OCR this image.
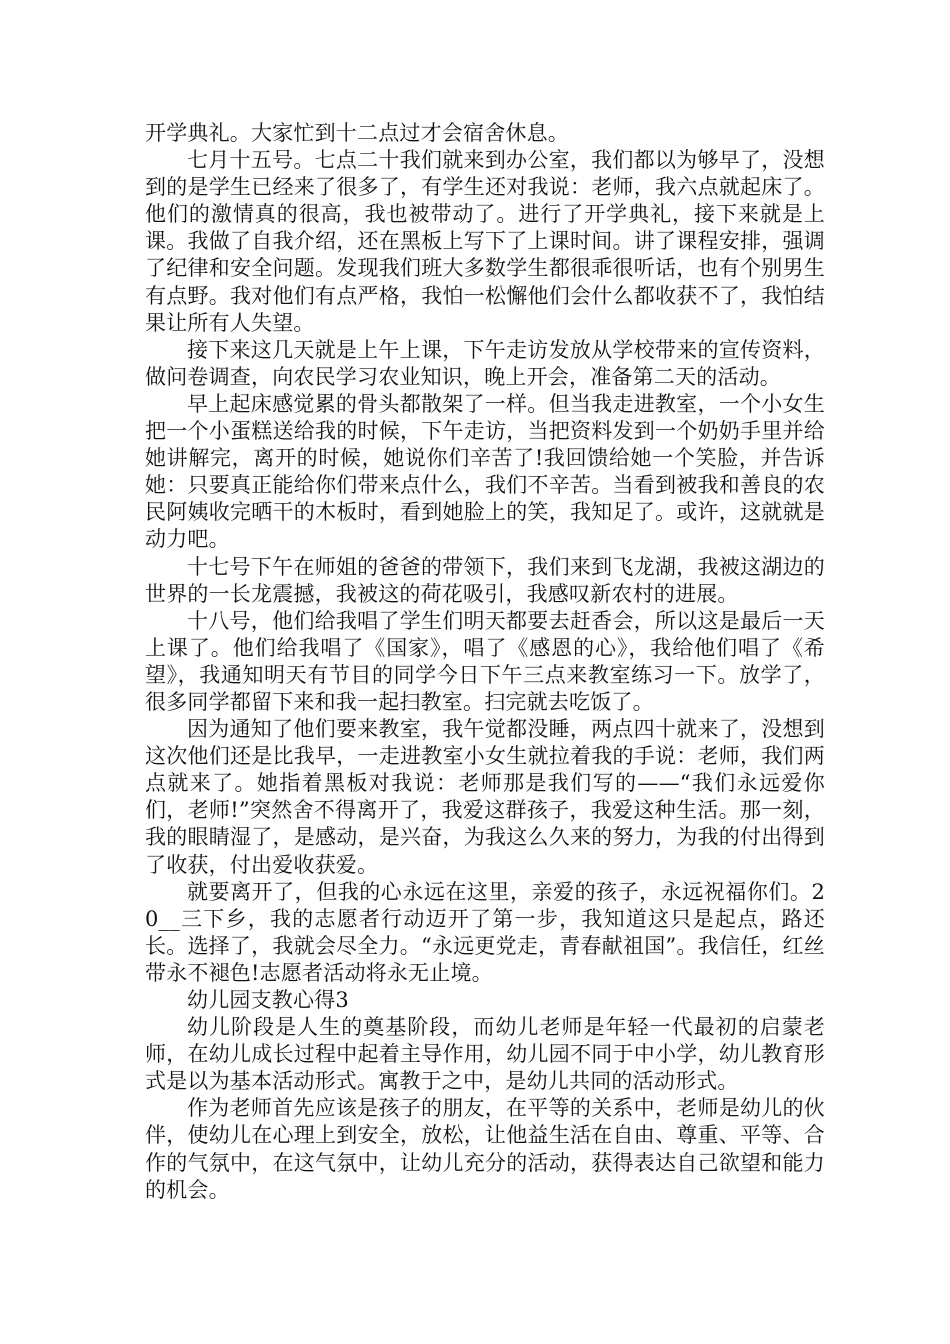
开学典礼。大家忙到十二点过才会宿舍休息。

七月十五号。七点二十我们就来到办公室，我们都以为够早了，没想到的是学生已经来了很多了，有学生还对我说：老师，我六点就起床了。他们的激情真的很高，我也被带动了。进行了开学典礼，接下来就是上课。我做了自我介绍，还在黑板上写下了上课时间。讲了课程安排，强调了纪律和安全问题。发现我们班大多数学生都很乖很听话，也有个别男生有点野。我对他们有点严格，我怕一松懈他们会什么都收获不了，我怕结果让所有人失望。

接下来这几天就是上午上课，下午走访发放从学校带来的宣传资料，做问卷调查，向农民学习农业知识，晚上开会，准备第二天的活动。

早上起床感觉累的骨头都散架了一样。但当我走进教室，一个小女生把一个小蛋糕送给我的时候，下午走访，当把资料发到一个奶奶手里并给她讲解完，离开的时候，她说你们辛苦了!我回馈给她一个笑脸，并告诉她：只要真正能给你们带来点什么，我们不辛苦。当看到被我和善良的农民阿姨收完晒干的木板时，看到她脸上的笑，我知足了。或许，这就就是动力吧。

十七号下午在师姐的爸爸的带领下，我们来到飞龙湖，我被这湖边的世界的一长龙震撼，我被这的荷花吸引，我感叹新农村的进展。

十八号，他们给我唱了学生们明天都要去赶香会，所以这是最后一天上课了。他们给我唱了《国家》，唱了《感恩的心》，我给他们唱了《希望》，我通知明天有节目的同学今日下午三点来教室练习一下。放学了，很多同学都留下来和我一起扫教室。扫完就去吃饭了。

因为通知了他们要来教室，我午觉都没睡，两点四十就来了，没想到这次他们还是比我早，一走进教室小女生就拉着我的手说：老师，我们两点就来了。她指着黑板对我说：老师那是我们写的——“我们永远爱你们，老师!”突然舍不得离开了，我爱这群孩子，我爱这种生活。那一刻，我的眼睛湿了，是感动，是兴奋，为我这么久来的努力，为我的付出得到了收获，付出爱收获爱。

就要离开了，但我的心永远在这里，亲爱的孩子，永远祝福你们。20__三下乡，我的志愿者行动迈开了第一步，我知道这只是起点，路还长。选择了，我就会尽全力。“永远更党走，青春献祖国”。我信任，红丝带永不褪色!志愿者活动将永无止境。

幼儿园支教心得3

幼儿阶段是人生的奠基阶段，而幼儿老师是年轻一代最初的启蒙老师，在幼儿成长过程中起着主导作用，幼儿园不同于中小学，幼儿教育形式是以为基本活动形式。寓教于之中，是幼儿共同的活动形式。

作为老师首先应该是孩子的朋友，在平等的关系中，老师是幼儿的伙伴，使幼儿在心理上到安全，放松，让他益生活在自由、尊重、平等、合作的气氛中，在这气氛中，让幼儿充分的活动，获得表达自己欲望和能力的机会。
